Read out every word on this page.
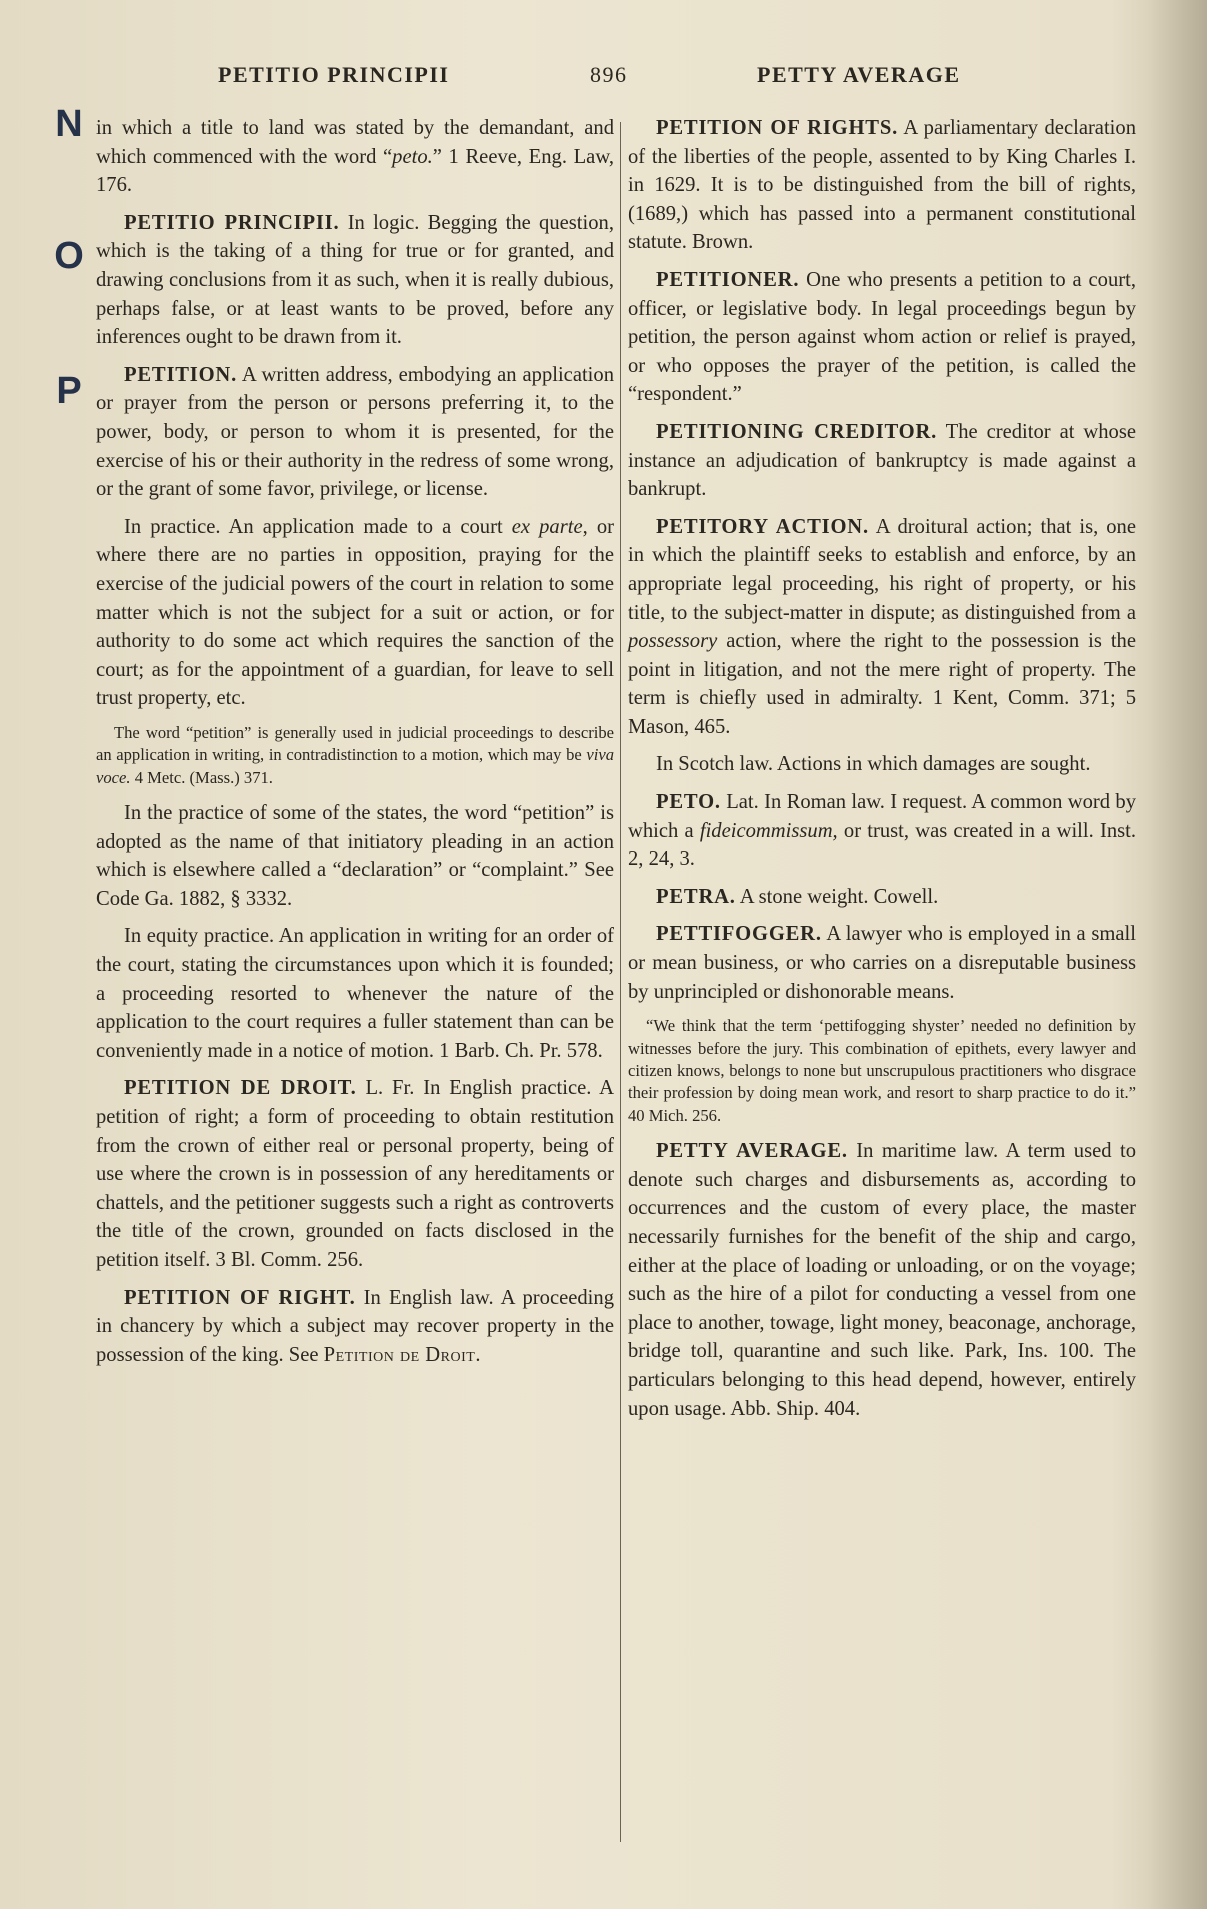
PETITIO PRINCIPII	896	PETTY AVERAGE
N
O
P

in which a title to land was stated by the demandant, and which commenced with the word “peto.” 1 Reeve, Eng. Law, 176.

PETITIO PRINCIPII. In logic. Begging the question, which is the taking of a thing for true or for granted, and drawing conclusions from it as such, when it is really dubious, perhaps false, or at least wants to be proved, before any inferences ought to be drawn from it.

PETITION. A written address, embodying an application or prayer from the person or persons preferring it, to the power, body, or person to whom it is presented, for the exercise of his or their authority in the redress of some wrong, or the grant of some favor, privilege, or license.

In practice. An application made to a court ex parte, or where there are no parties in opposition, praying for the exercise of the judicial powers of the court in relation to some matter which is not the subject for a suit or action, or for authority to do some act which requires the sanction of the court; as for the appointment of a guardian, for leave to sell trust property, etc.

The word “petition” is generally used in judicial proceedings to describe an application in writing, in contradistinction to a motion, which may be viva voce. 4 Metc. (Mass.) 371.

In the practice of some of the states, the word “petition” is adopted as the name of that initiatory pleading in an action which is elsewhere called a “declaration” or “complaint.” See Code Ga. 1882, § 3332.

In equity practice. An application in writing for an order of the court, stating the circumstances upon which it is founded; a proceeding resorted to whenever the nature of the application to the court requires a fuller statement than can be conveniently made in a notice of motion. 1 Barb. Ch. Pr. 578.

PETITION DE DROIT. L. Fr. In English practice. A petition of right; a form of proceeding to obtain restitution from the crown of either real or personal property, being of use where the crown is in possession of any hereditaments or chattels, and the petitioner suggests such a right as controverts the title of the crown, grounded on facts disclosed in the petition itself. 3 Bl. Comm. 256.

PETITION OF RIGHT. In English law. A proceeding in chancery by which a subject may recover property in the possession of the king. See Petition de Droit.

PETITION OF RIGHTS. A parliamentary declaration of the liberties of the people, assented to by King Charles I. in 1629. It is to be distinguished from the bill of rights, (1689,) which has passed into a permanent constitutional statute. Brown.

PETITIONER. One who presents a petition to a court, officer, or legislative body. In legal proceedings begun by petition, the person against whom action or relief is prayed, or who opposes the prayer of the petition, is called the “respondent.”

PETITIONING CREDITOR. The creditor at whose instance an adjudication of bankruptcy is made against a bankrupt.

PETITORY ACTION. A droitural action; that is, one in which the plaintiff seeks to establish and enforce, by an appropriate legal proceeding, his right of property, or his title, to the subject-matter in dispute; as distinguished from a possessory action, where the right to the possession is the point in litigation, and not the mere right of property. The term is chiefly used in admiralty. 1 Kent, Comm. 371; 5 Mason, 465.

In Scotch law. Actions in which damages are sought.

PETO. Lat. In Roman law. I request. A common word by which a fideicommissum, or trust, was created in a will. Inst. 2, 24, 3.

PETRA. A stone weight. Cowell.

PETTIFOGGER. A lawyer who is employed in a small or mean business, or who carries on a disreputable business by unprincipled or dishonorable means.

“We think that the term ‘pettifogging shyster’ needed no definition by witnesses before the jury. This combination of epithets, every lawyer and citizen knows, belongs to none but unscrupulous practitioners who disgrace their profession by doing mean work, and resort to sharp practice to do it.” 40 Mich. 256.

PETTY AVERAGE. In maritime law. A term used to denote such charges and disbursements as, according to occurrences and the custom of every place, the master necessarily furnishes for the benefit of the ship and cargo, either at the place of loading or unloading, or on the voyage; such as the hire of a pilot for conducting a vessel from one place to another, towage, light money, beaconage, anchorage, bridge toll, quarantine and such like. Park, Ins. 100. The particulars belonging to this head depend, however, entirely upon usage. Abb. Ship. 404.
